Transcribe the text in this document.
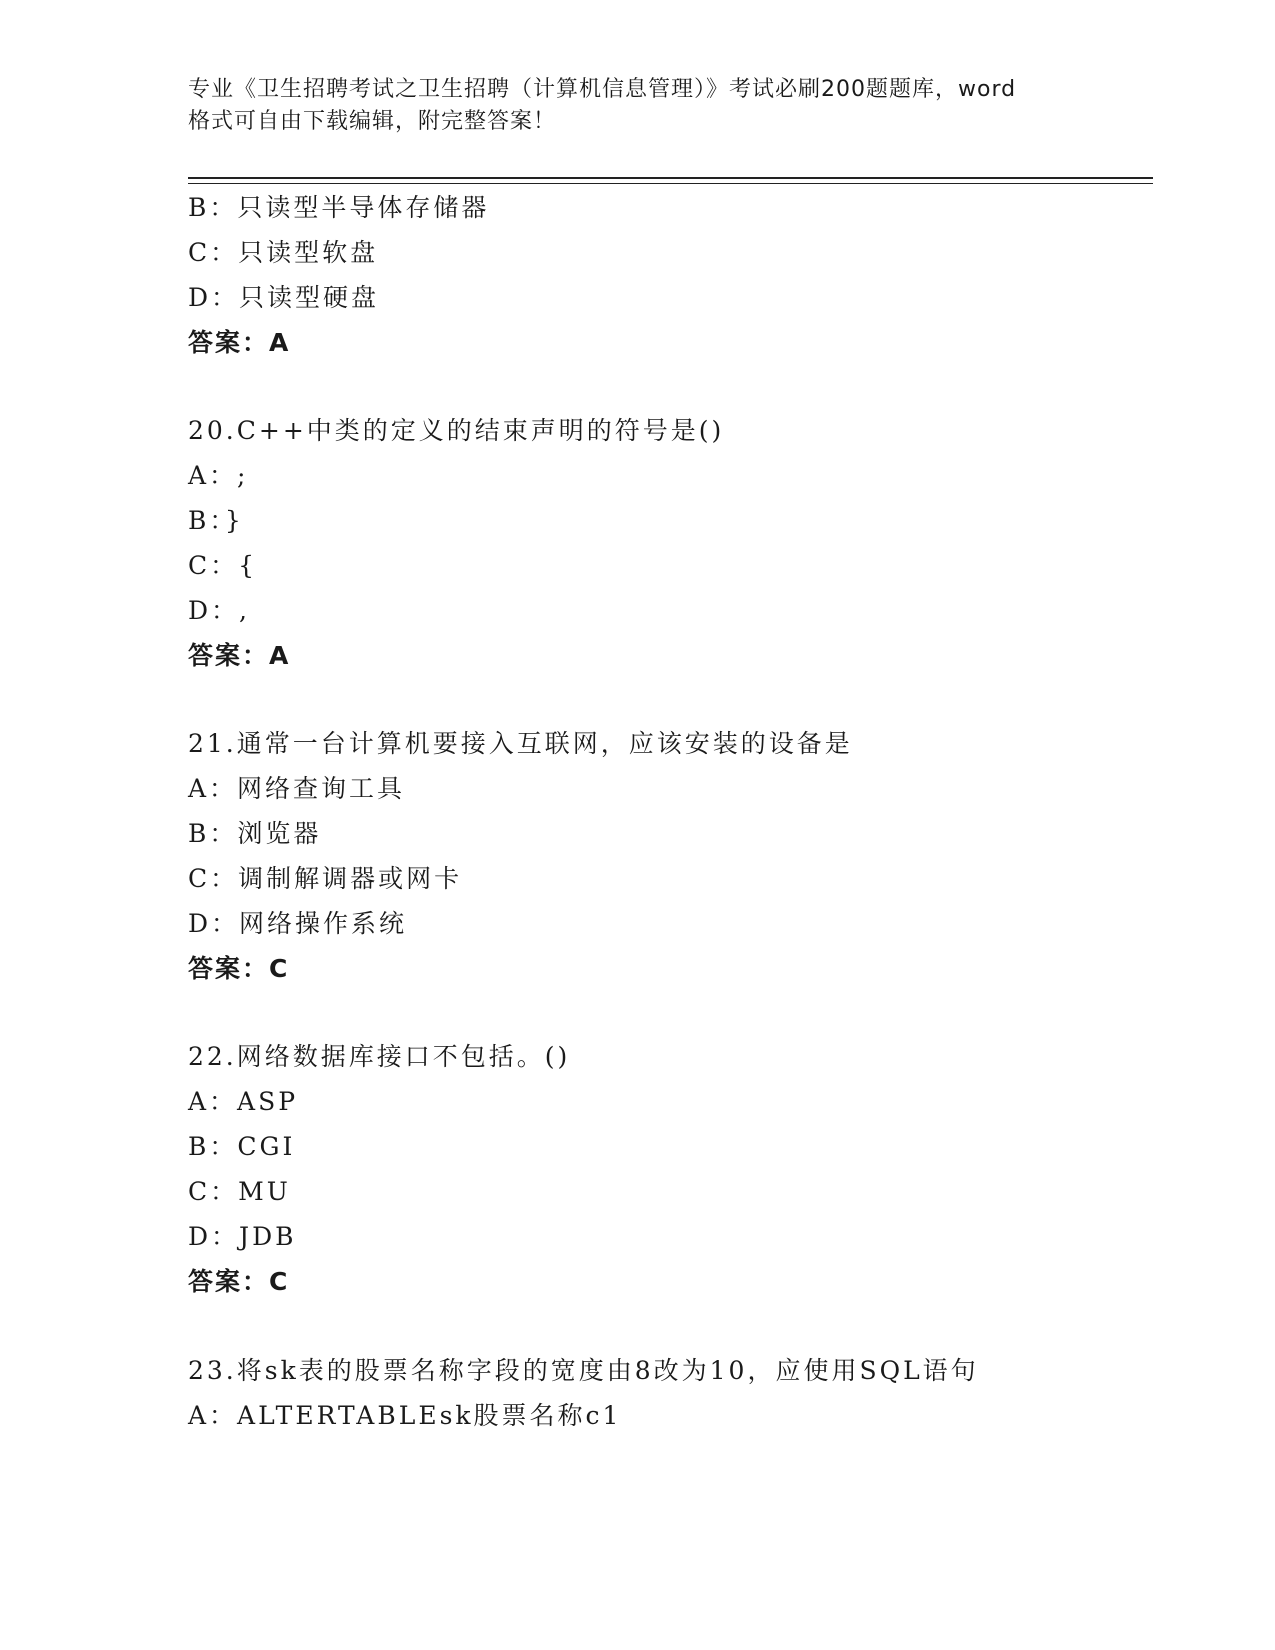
专业《卫生招聘考试之卫生招聘（计算机信息管理）》考试必刷200题题库，word
格式可自由下载编辑，附完整答案！
B：只读型半导体存储器
C：只读型软盘
D：只读型硬盘
答案：A
20.C++中类的定义的结束声明的符号是()
A：;
B：}
C：{
D：,
答案：A
21.通常一台计算机要接入互联网，应该安装的设备是
A：网络查询工具
B：浏览器
C：调制解调器或网卡
D：网络操作系统
答案：C
22.网络数据库接口不包括。()
A：ASP
B：CGI
C：MU
D：JDB
答案：C
23.将sk表的股票名称字段的宽度由8改为10，应使用SQL语句
A：ALTERTABLEsk股票名称c1
